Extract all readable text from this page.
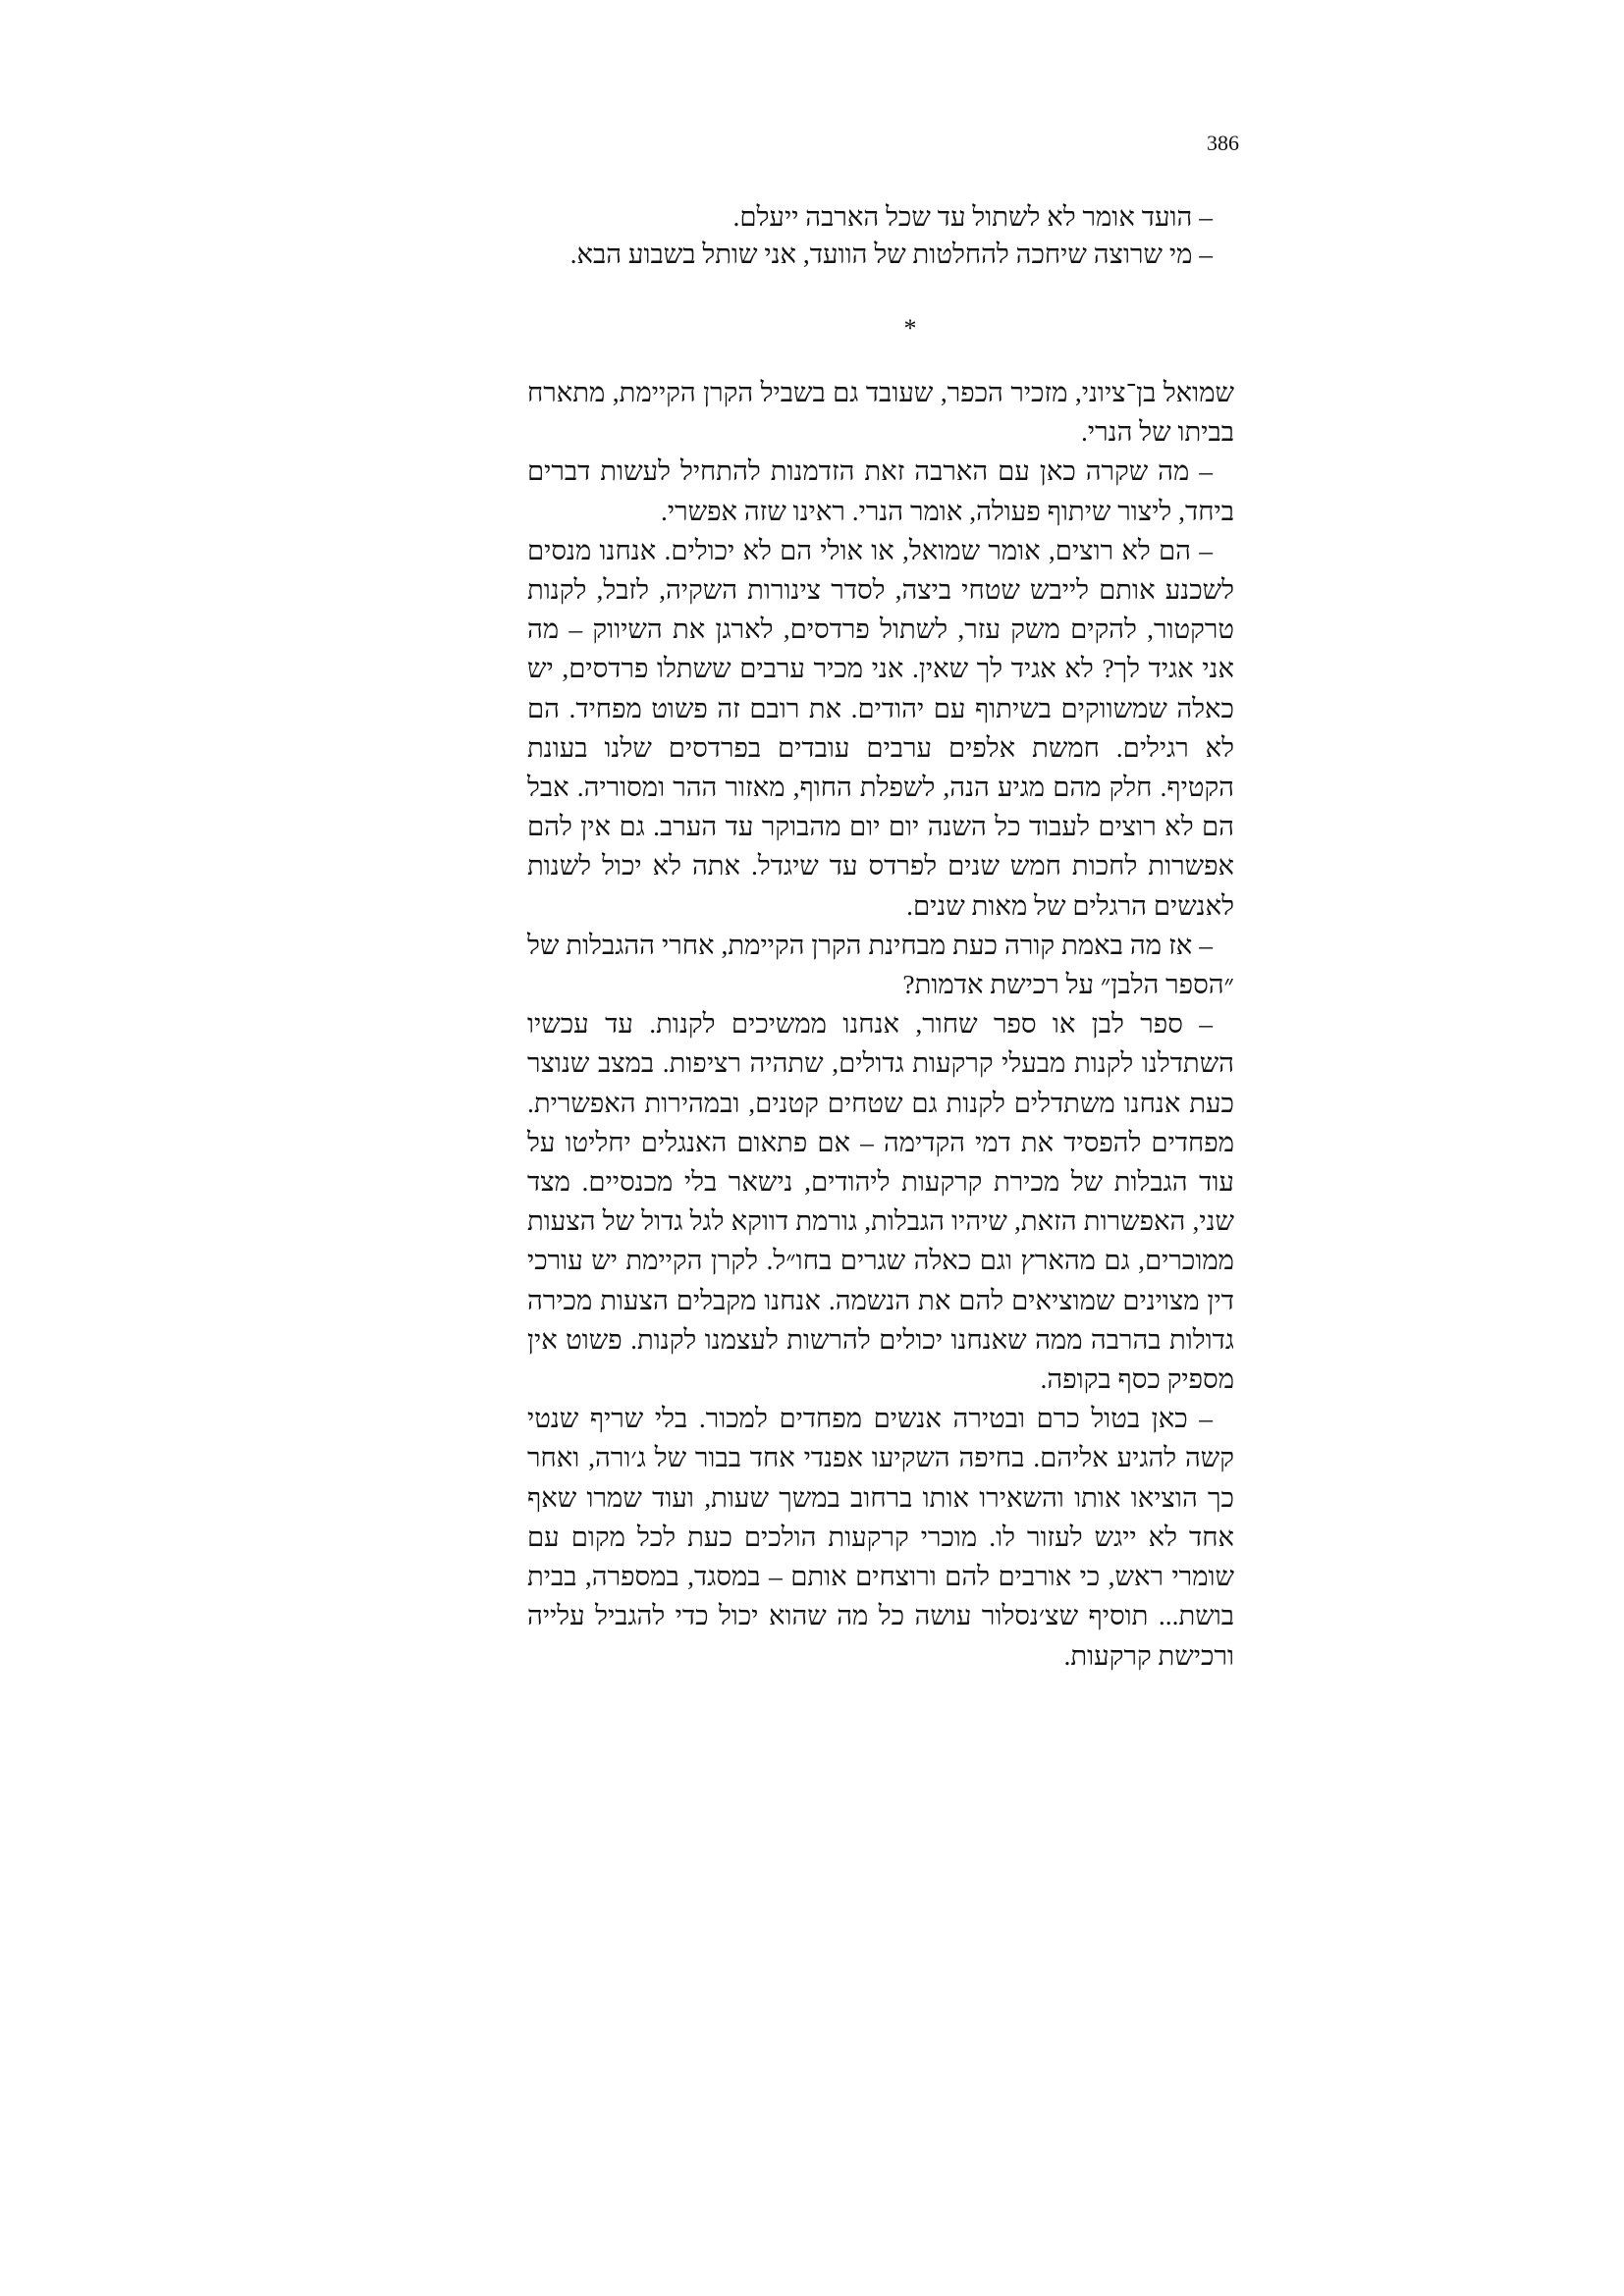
386

– הועד אומר לא לשתול עד שכל הארבה ייעלם.

– מי שרוצה שיחכה להחלטות של הוועד, אני שותל בשבוע הבא.

*

שמואל בן־ציוני, מזכיר הכפר, שעובד גם בשביל הקרן הקיימת, מתארח בביתו של הנרי.

– מה שקרה כאן עם הארבה זאת הזדמנות להתחיל לעשות דברים ביחד, ליצור שיתוף פעולה, אומר הנרי. ראינו שזה אפשרי.

– הם לא רוצים, אומר שמואל, או אולי הם לא יכולים. אנחנו מנסים לשכנע אותם לייבש שטחי ביצה, לסדר צינורות השקיה, לזבל, לקנות טרקטור, להקים משק עזר, לשתול פרדסים, לארגן את השיווק – מה אני אגיד לך? לא אגיד לך שאין. אני מכיר ערבים ששתלו פרדסים, יש כאלה שמשווקים בשיתוף עם יהודים. את רובם זה פשוט מפחיד. הם לא רגילים. חמשת אלפים ערבים עובדים בפרדסים שלנו בעונת הקטיף. חלק מהם מגיע הנה, לשפלת החוף, מאזור ההר ומסוריה. אבל הם לא רוצים לעבוד כל השנה יום יום מהבוקר עד הערב. גם אין להם אפשרות לחכות חמש שנים לפרדס עד שיגדל. אתה לא יכול לשנות לאנשים הרגלים של מאות שנים.

– אז מה באמת קורה כעת מבחינת הקרן הקיימת, אחרי ההגבלות של ״הספר הלבן״ על רכישת אדמות?

– ספר לבן או ספר שחור, אנחנו ממשיכים לקנות. עד עכשיו השתדלנו לקנות מבעלי קרקעות גדולים, שתהיה רציפות. במצב שנוצר כעת אנחנו משתדלים לקנות גם שטחים קטנים, ובמהירות האפשרית. מפחדים להפסיד את דמי הקדימה – אם פתאום האנגלים יחליטו על עוד הגבלות של מכירת קרקעות ליהודים, נישאר בלי מכנסיים. מצד שני, האפשרות הזאת, שיהיו הגבלות, גורמת דווקא לגל גדול של הצעות ממוכרים, גם מהארץ וגם כאלה שגרים בחו״ל. לקרן הקיימת יש עורכי דין מצוינים שמוציאים להם את הנשמה. אנחנו מקבלים הצעות מכירה גדולות בהרבה ממה שאנחנו יכולים להרשות לעצמנו לקנות. פשוט אין מספיק כסף בקופה.

– כאן בטול כרם ובטירה אנשים מפחדים למכור. בלי שריף שנטי קשה להגיע אליהם. בחיפה השקיעו אפנדי אחד בבור של ג׳ורה, ואחר כך הוציאו אותו והשאירו אותו ברחוב במשך שעות, ועוד שמרו שאף אחד לא ייגש לעזור לו. מוכרי קרקעות הולכים כעת לכל מקום עם שומרי ראש, כי אורבים להם ורוצחים אותם – במסגד, במספרה, בבית בושת... תוסיף שצ׳נסלור עושה כל מה שהוא יכול כדי להגביל עלייה ורכישת קרקעות.
